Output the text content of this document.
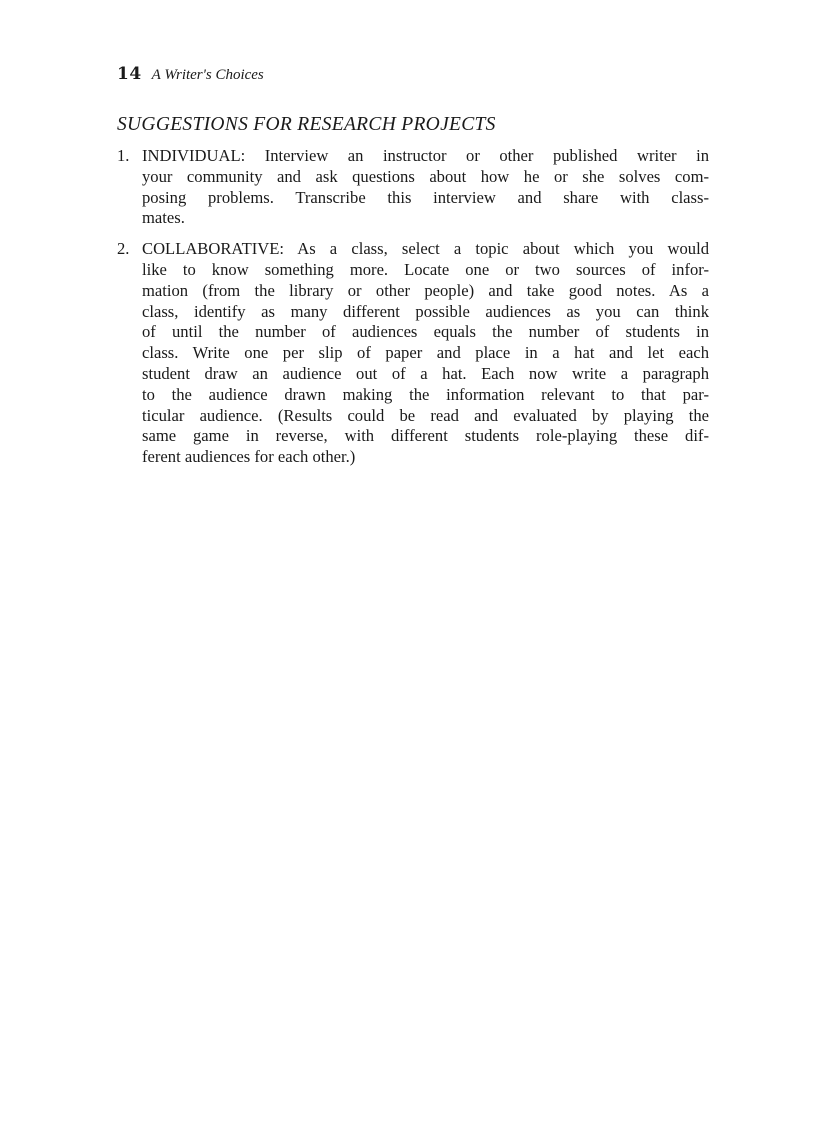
14 A Writer's Choices
SUGGESTIONS FOR RESEARCH PROJECTS
1. INDIVIDUAL: Interview an instructor or other published writer in
your community and ask questions about how he or she solves com-
posing problems. Transcribe this interview and share with class-
mates.
2. COLLABORATIVE: As a class, select a topic about which you would
like to know something more. Locate one or two sources of infor-
mation (from the library or other people) and take good notes. As a
class, identify as many different possible audiences as you can think
of until the number of audiences equals the number of students in
class. Write one per slip of paper and place in a hat and let each
student draw an audience out of a hat. Each now write a paragraph
to the audience drawn making the information relevant to that par-
ticular audience. (Results could be read and evaluated by playing the
same game in reverse, with different students role-playing these dif-
ferent audiences for each other.)
